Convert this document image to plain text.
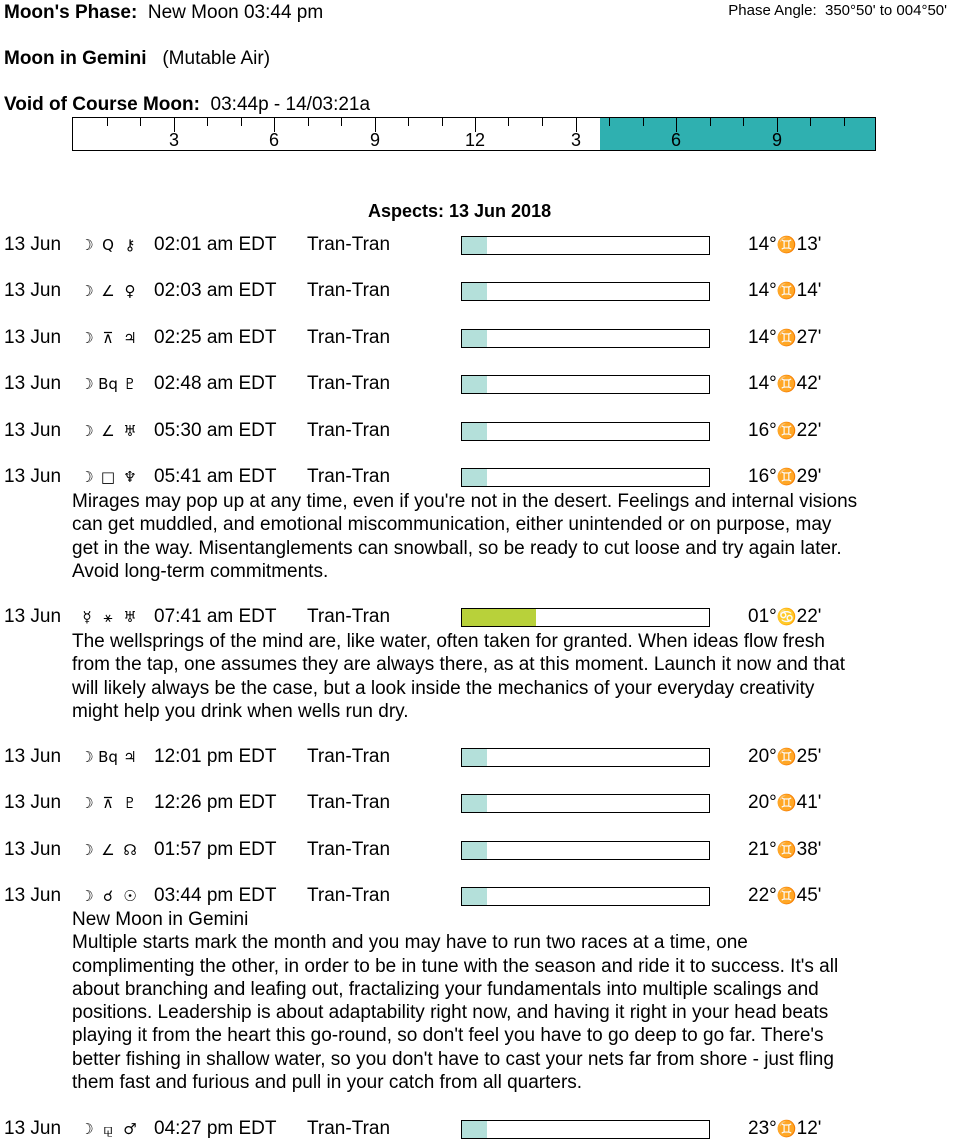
Moon's Phase: New Moon 03:44 pm	Phase Angle: 350°50' to 004°50'
Moon in Gemini (Mutable Air)
Void of Course Moon: 03:44p - 14/03:21a
3	6	9	12	3	6	9
Aspects: 13 Jun 2018
13 Jun ☽ Q ⚷ 02:01 am EDT Tran-Tran	14°♊13'
13 Jun ☽ ∠ ♀ 02:03 am EDT Tran-Tran	14°♊14'
13 Jun ☽ ⊼ ♃ 02:25 am EDT Tran-Tran	14°♊27'
13 Jun ☽ Bq ♇ 02:48 am EDT Tran-Tran	14°♊42'
13 Jun ☽ ∠ ♅ 05:30 am EDT Tran-Tran	16°♊22'
13 Jun ☽ □ ♆ 05:41 am EDT Tran-Tran	16°♊29'

Mirages may pop up at any time, even if you're not in the desert. Feelings and internal visions

can get muddled, and emotional miscommunication, either unintended or on purpose, may

get in the way. Misentanglements can snowball, so be ready to cut loose and try again later.

Avoid long-term commitments.

13 Jun	☿ ⚹ ♅ 07:41 am EDT Tran-Tran	01°♋22'

The wellsprings of the mind are, like water, often taken for granted. When ideas flow fresh

from the tap, one assumes they are always there, as at this moment. Launch it now and that

will likely always be the case, but a look inside the mechanics of your everyday creativity

might help you drink when wells run dry.

13 Jun ☽ Bq ♃ 12:01 pm EDT Tran-Tran	20°♊25'
13 Jun ☽ ⊼ ♇ 12:26 pm EDT Tran-Tran	20°♊41'
13 Jun ☽ ∠ ☊ 01:57 pm EDT Tran-Tran	21°♊38'
13 Jun ☽ ☌ ☉ 03:44 pm EDT Tran-Tran	22°♊45'

New Moon in Gemini

Multiple starts mark the month and you may have to run two races at a time, one

complimenting the other, in order to be in tune with the season and ride it to success. It's all

about branching and leafing out, fractalizing your fundamentals into multiple scalings and

positions. Leadership is about adaptability right now, and having it right in your head beats

playing it from the heart this go-round, so don't feel you have to go deep to go far. There's

better fishing in shallow water, so you don't have to cast your nets far from shore - just fling

them fast and furious and pull in your catch from all quarters.

13 Jun ☽ ⚼ ♂ 04:27 pm EDT Tran-Tran	23°♊12'
